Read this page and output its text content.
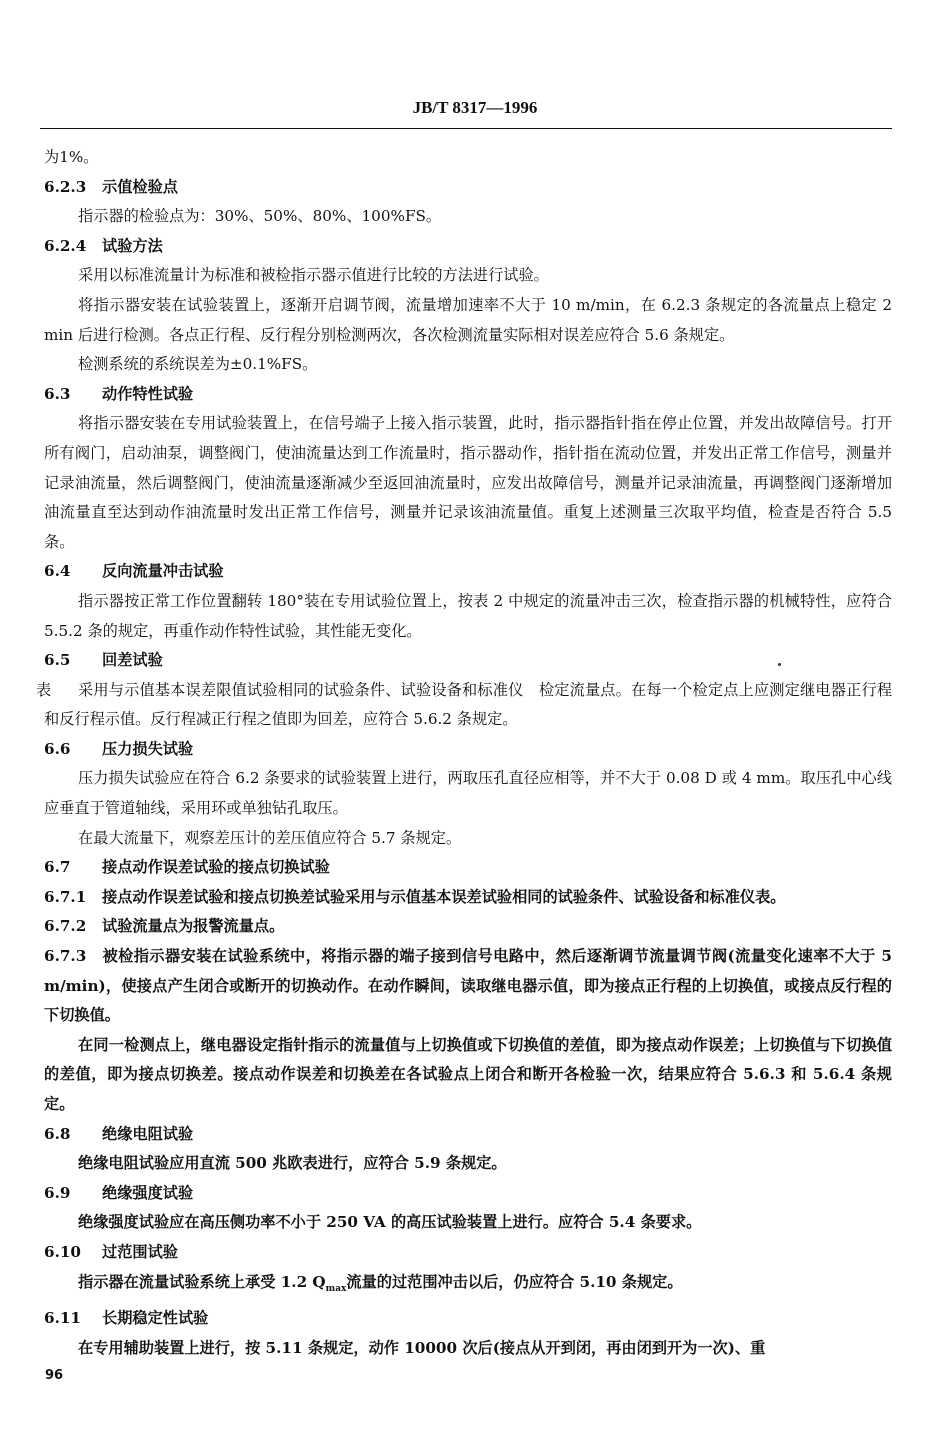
JB/T 8317—1996

为1%。

6.2.3 示值检验点

指示器的检验点为：30%、50%、80%、100%FS。

6.2.4 试验方法

采用以标准流量计为标准和被检指示器示值进行比较的方法进行试验。

将指示器安装在试验装置上，逐渐开启调节阀，流量增加速率不大于 10 m/min，在 6.2.3 条规定的各流量点上稳定 2 min 后进行检测。各点正行程、反行程分别检测两次，各次检测流量实际相对误差应符合 5.6 条规定。

检测系统的系统误差为±0.1%FS。

6.3 动作特性试验

将指示器安装在专用试验装置上，在信号端子上接入指示装置，此时，指示器指针指在停止位置，并发出故障信号。打开所有阀门，启动油泵，调整阀门，使油流量达到工作流量时，指示器动作，指针指在流动位置，并发出正常工作信号，测量并记录油流量，然后调整阀门，使油流量逐渐减少至返回油流量时，应发出故障信号，测量并记录油流量，再调整阀门逐渐增加油流量直至达到动作油流量时发出正常工作信号，测量并记录该油流量值。重复上述测量三次取平均值，检查是否符合 5.5 条。

6.4 反向流量冲击试验

指示器按正常工作位置翻转 180°装在专用试验位置上，按表 2 中规定的流量冲击三次，检查指示器的机械特性，应符合 5.5.2 条的规定，再重作动作特性试验，其性能无变化。

6.5 回差试验

表 采用与示值基本误差限值试验相同的试验条件、试验设备和标准仪　检定流量点。在每一个检定点上应测定继电器正行程和反行程示值。反行程减正行程之值即为回差，应符合 5.6.2 条规定。

6.6 压力损失试验

压力损失试验应在符合 6.2 条要求的试验装置上进行，两取压孔直径应相等，并不大于 0.08 D 或 4 mm。取压孔中心线应垂直于管道轴线，采用环或单独钻孔取压。

在最大流量下，观察差压计的差压值应符合 5.7 条规定。

6.7 接点动作误差试验的接点切换试验

6.7.1 接点动作误差试验和接点切换差试验采用与示值基本误差试验相同的试验条件、试验设备和标准仪表。

6.7.2 试验流量点为报警流量点。

6.7.3 被检指示器安装在试验系统中，将指示器的端子接到信号电路中，然后逐渐调节流量调节阀(流量变化速率不大于 5 m/min)，使接点产生闭合或断开的切换动作。在动作瞬间，读取继电器示值，即为接点正行程的上切换值，或接点反行程的下切换值。

在同一检测点上，继电器设定指针指示的流量值与上切换值或下切换值的差值，即为接点动作误差；上切换值与下切换值的差值，即为接点切换差。接点动作误差和切换差在各试验点上闭合和断开各检验一次，结果应符合 5.6.3 和 5.6.4 条规定。

6.8 绝缘电阻试验

绝缘电阻试验应用直流 500 兆欧表进行，应符合 5.9 条规定。

6.9 绝缘强度试验

绝缘强度试验应在高压侧功率不小于 250 VA 的高压试验装置上进行。应符合 5.4 条要求。

6.10 过范围试验

指示器在流量试验系统上承受 1.2 $Q_{max}$流量的过范围冲击以后，仍应符合 5.10 条规定。

6.11 长期稳定性试验

在专用辅助装置上进行，按 5.11 条规定，动作 10000 次后(接点从开到闭，再由闭到开为一次)、重

96
